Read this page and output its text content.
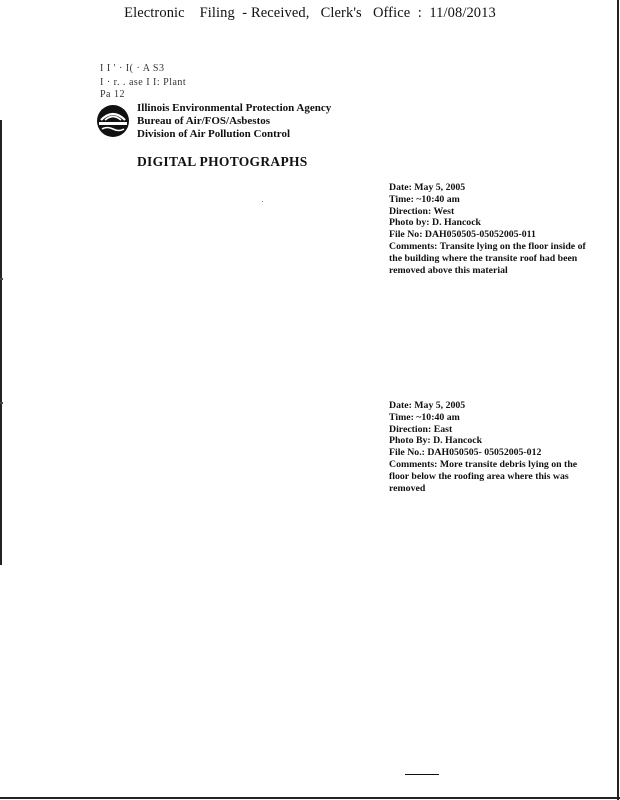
Electronic    Filing  - Received,   Clerk's   Office  :  11/08/2013
I I ' · I( · A S3
I · r. . ase I I: Plant
Pa 12
Illinois Environmental Protection Agency
Bureau of Air/FOS/Asbestos
Division of Air Pollution Control
DIGITAL PHOTOGRAPHS
Date: May 5, 2005
Time: ~10:40 am
Direction: West
Photo by: D. Hancock
File No: DAH050505-05052005-011
Comments: Transite lying on the floor inside of
the building where the transite roof had been
removed above this material
Date: May 5, 2005
Time: ~10:40 am
Direction: East
Photo By: D. Hancock
File No.: DAH050505- 05052005-012
Comments: More transite debris lying on the
floor below the roofing area where this was
removed
